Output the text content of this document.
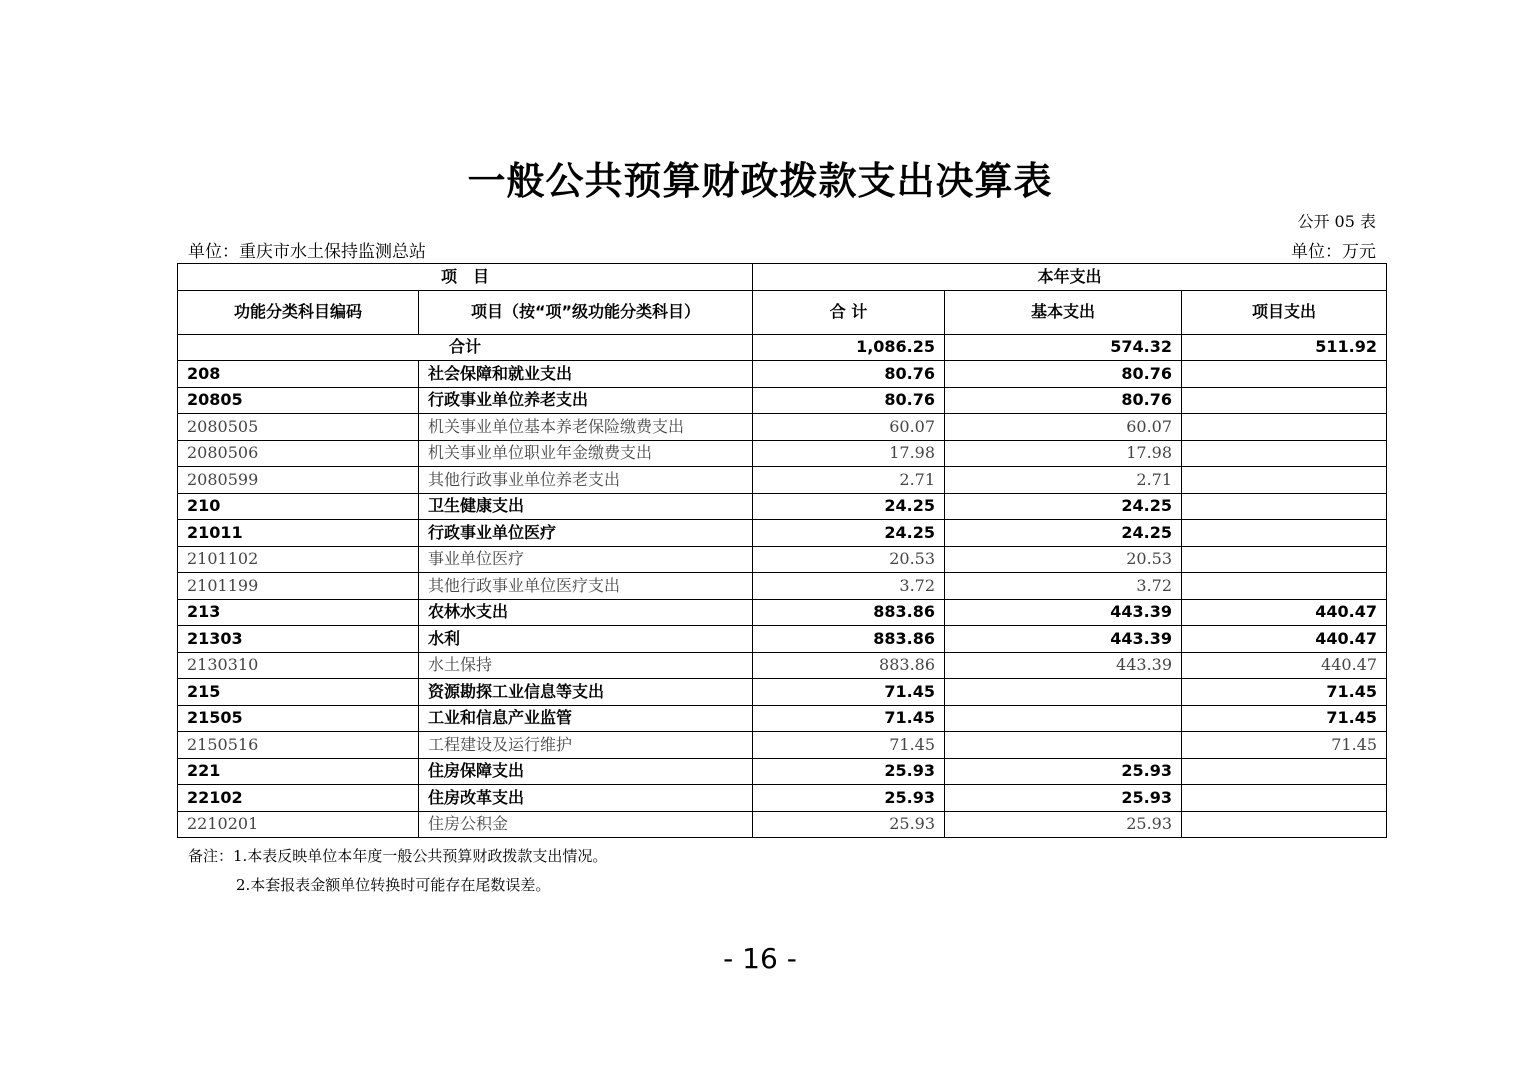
一般公共预算财政拨款支出决算表
公开 05 表
单位：重庆市水土保持监测总站	单位：万元
项　目		本年支出		
功能分类科目编码	项目（按“项”级功能分类科目）	合 计	基本支出	项目支出
合计		1,086.25	574.32	511.92
208	社会保障和就业支出	80.76	80.76	
20805	行政事业单位养老支出	80.76	80.76	
2080505	机关事业单位基本养老保险缴费支出	60.07	60.07	
2080506	机关事业单位职业年金缴费支出	17.98	17.98	
2080599	其他行政事业单位养老支出	2.71	2.71	
210	卫生健康支出	24.25	24.25	
21011	行政事业单位医疗	24.25	24.25	
2101102	事业单位医疗	20.53	20.53	
2101199	其他行政事业单位医疗支出	3.72	3.72	
213	农林水支出	883.86	443.39	440.47
21303	水利	883.86	443.39	440.47
2130310	水土保持	883.86	443.39	440.47
215	资源勘探工业信息等支出	71.45		71.45
21505	工业和信息产业监管	71.45		71.45
2150516	工程建设及运行维护	71.45		71.45
221	住房保障支出	25.93	25.93	
22102	住房改革支出	25.93	25.93	
2210201	住房公积金	25.93	25.93	
备注：1.本表反映单位本年度一般公共预算财政拨款支出情况。
2.本套报表金额单位转换时可能存在尾数误差。
- 16 -
